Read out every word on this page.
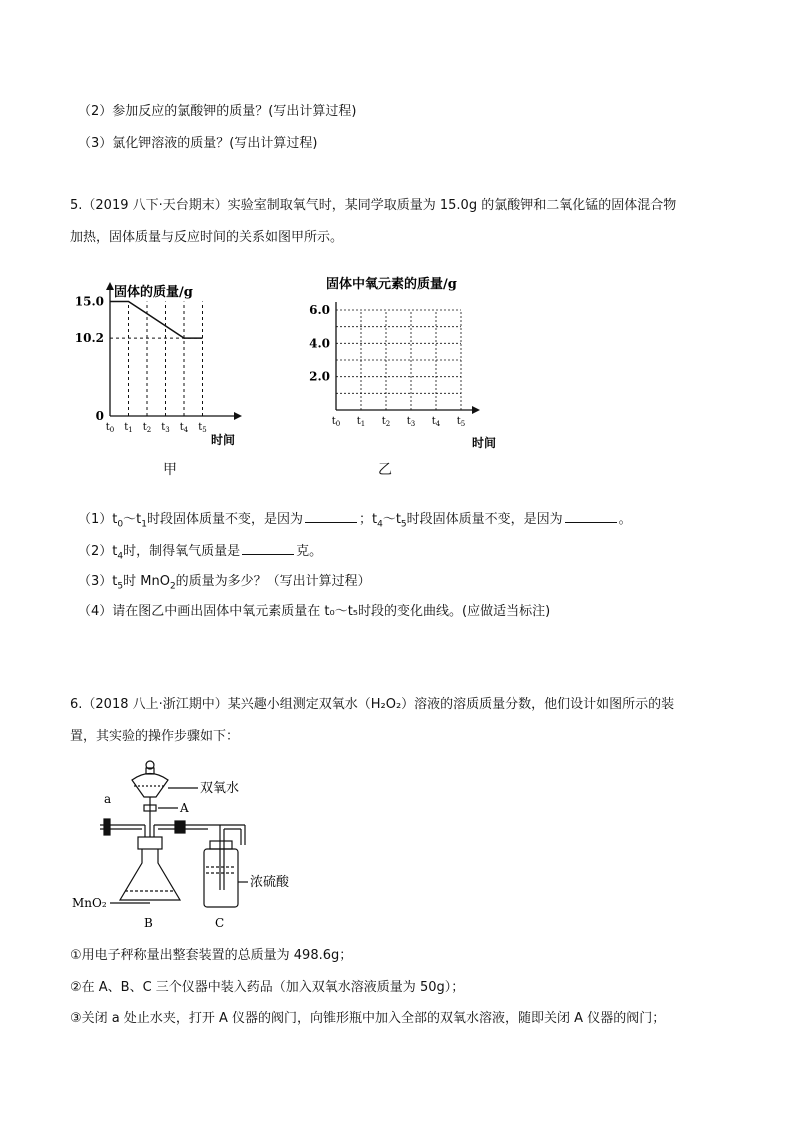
（2）参加反应的氯酸钾的质量？(写出计算过程)
（3）氯化钾溶液的质量？(写出计算过程)
5.（2019 八下·天台期末）实验室制取氧气时，某同学取质量为 15.0g 的氯酸钾和二氧化锰的固体混合物
加热，固体质量与反应时间的关系如图甲所示。
固体的质量/g
时间
15.0
10.2
0
$t_0$ $t_1$ $t_2$ $t_3$ $t_4$ $t_5$
甲
固体中氧元素的质量/g
时间
6.0
4.0
2.0
$t_0$ $t_1$ $t_2$ $t_3$ $t_4$ $t_5$
乙
$(1)t_0\sim t_1$时段固体质量不变，是因为	；$t_4\sim t_5$时段固体质量不变，是因为	。
$(2)t_4$时，制得氧气质量是	克。
$(3)t_5$时 MnO$_2$的质量为多少？（写出计算过程）
（4）请在图乙中画出固体中氧元素质量在 t₀～t₅时段的变化曲线。(应做适当标注)
6.（2018 八上·浙江期中）某兴趣小组测定双氧水（H₂O₂）溶液的溶质质量分数，他们设计如图所示的装
置，其实验的操作步骤如下：
a
A
双氧水
MnO₂
B	C
浓硫酸
①用电子秤称量出整套装置的总质量为 498.6g；
②在 A、B、C 三个仪器中装入药品（加入双氧水溶液质量为 50g）；
③关闭 a 处止水夹，打开 A 仪器的阀门，向锥形瓶中加入全部的双氧水溶液，随即关闭 A 仪器的阀门；
